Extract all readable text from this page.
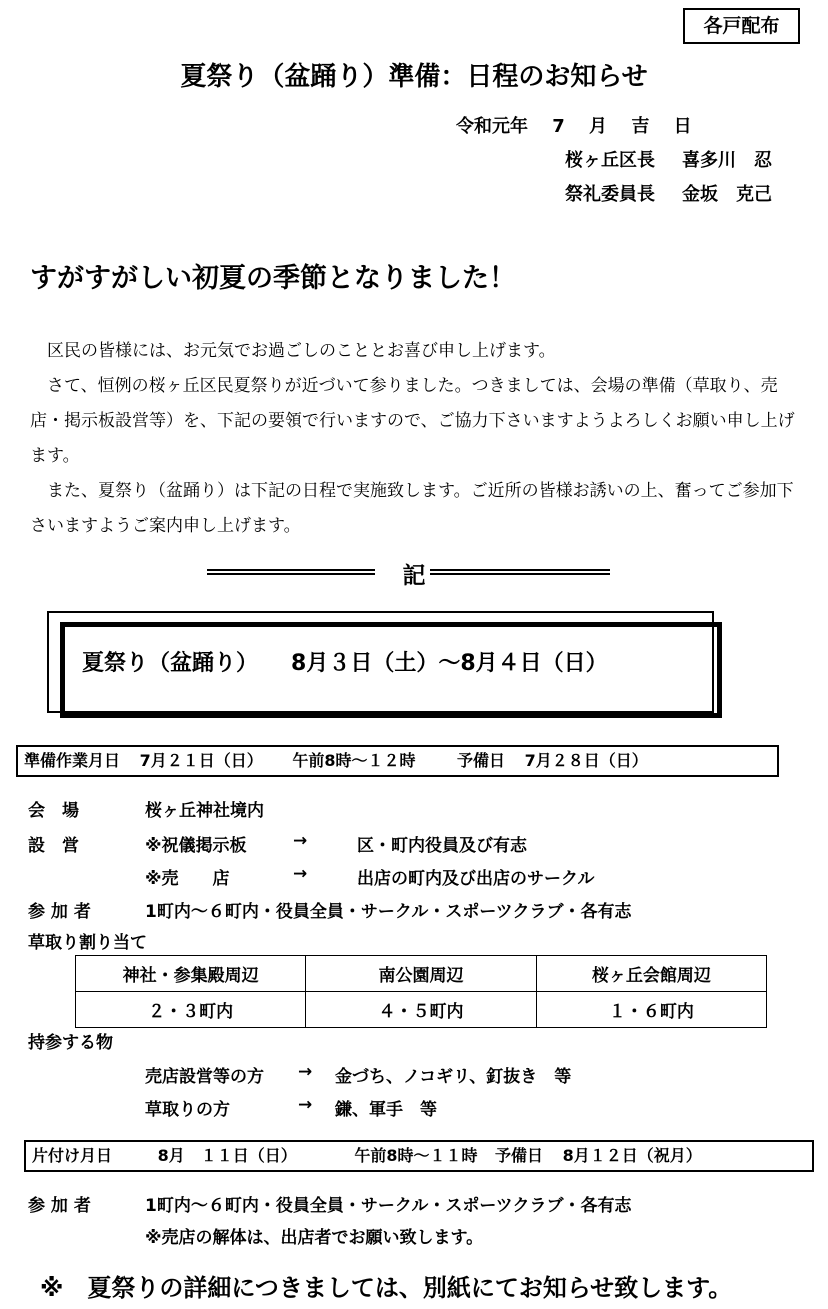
各戸配布
夏祭り（盆踊り）準備：日程のお知らせ
令和元年　 7 　月　 吉 　日
桜ヶ丘区長 喜多川　忍
祭礼委員長 金坂　克己
すがすがしい初夏の季節となりました！
区民の皆様には、お元気でお過ごしのこととお喜び申し上げます。
さて、恒例の桜ヶ丘区民夏祭りが近づいて参りました。つきましては、会場の準備（草取り、売店・掲示板設営等）を、下記の要領で行いますので、ご協力下さいますようよろしくお願い申し上げます。
また、夏祭り（盆踊り）は下記の日程で実施致します。ご近所の皆様お誘いの上、奮ってご参加下さいますようご案内申し上げます。
記
夏祭り（盆踊り）　　 8月３日（土）～8月４日（日）
準備作業月日 7月２１日（日） 午前8時～１２時	予備日 7月２８日（日）
会　場	桜ヶ丘神社境内
設　営	※祝儀掲示板	→	区・町内役員及び有志
※売　　店	→	出店の町内及び出店のサークル
参 加 者	1町内～６町内・役員全員・サークル・スポーツクラブ・各有志
草取り割り当て
神社・参集殿周辺	南公園周辺	桜ヶ丘会館周辺
２・３町内	４・５町内	１・６町内
持参する物
売店設営等の方 → 金づち、ノコギリ、釘抜き　等
草取りの方	→ 鎌、軍手　等
片付け月日	8月　１１日（日）	午前8時～１１時 予備日 8月１２日（祝月）
参 加 者	1町内～６町内・役員全員・サークル・スポーツクラブ・各有志
※売店の解体は、出店者でお願い致します。
※　 夏祭りの詳細につきましては、別紙にてお知らせ致します。
